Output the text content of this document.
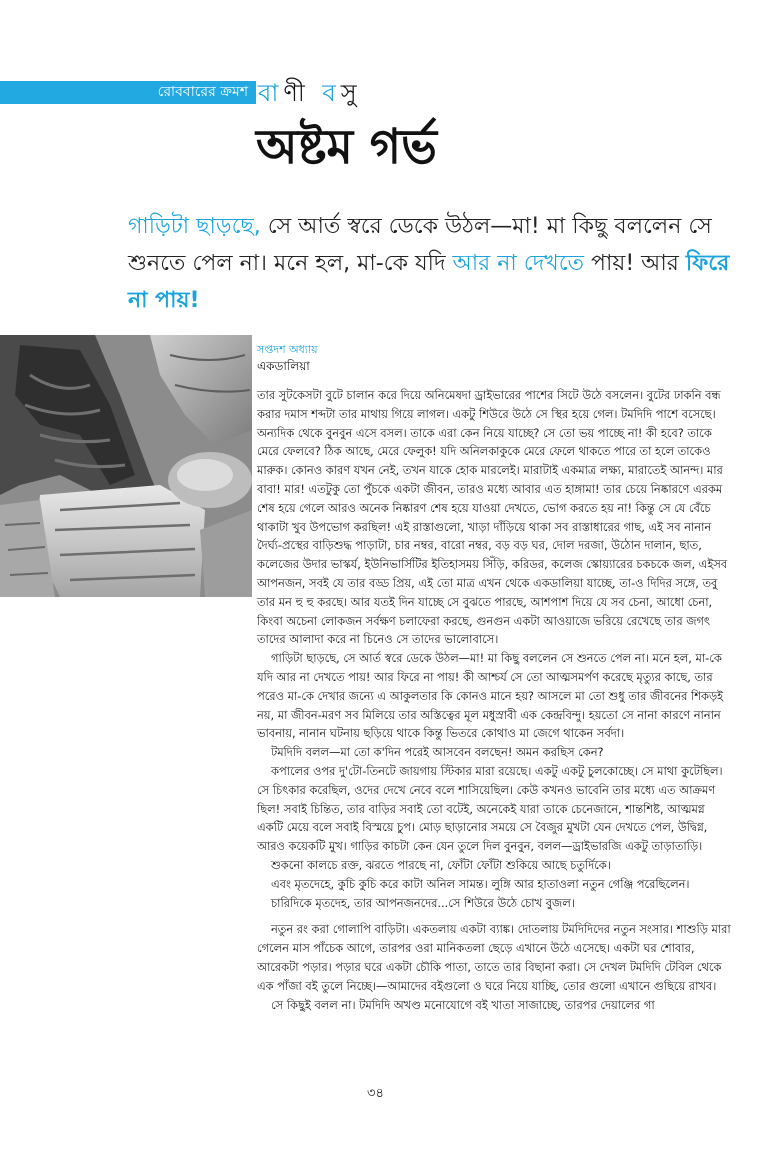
রোববারের ক্রমশ বাণী বসু
অষ্টম গর্ভ
গাড়িটা ছাড়ছে, সে আর্ত স্বরে ডেকে উঠল—মা! মা কিছু বললেন সে শুনতে পেল না। মনে হল, মা-কে যদি আর না দেখতে পায়! আর ফিরে না পায়!
সপ্তদশ অধ্যায়
একডালিয়া

তার সুটকেসটা বুটে চালান করে দিয়ে অনিমেষদা ড্রাইভারের পাশের সিটে উঠে বসলেন। বুটের ঢাকনি বন্ধ করার দমাস শব্দটা তার মাথায় গিয়ে লাগল। একটু শিউরে উঠে সে স্থির হয়ে গেল। টমদিদি পাশে বসেছে। অন্যদিক থেকে বুনবুন এসে বসল। তাকে এরা কেন নিয়ে যাচ্ছে? সে তো ভয় পাচ্ছে না! কী হবে? তাকে মেরে ফেলবে? ঠিক আছে, মেরে ফেলুক! যদি অনিলকাকুকে মেরে ফেলে থাকতে পারে তা হলে তাকেও মারুক। কোনও কারণ যখন নেই, তখন যাকে হোক মারলেই। মারাটাই একমাত্র লক্ষ্য, মারাতেই আনন্দ। মার বাবা! মার! এতটুকু তো পুঁচকে একটা জীবন, তারও মধ্যে আবার এত হাঙ্গামা! তার চেয়ে নিষ্কারণে এরকম শেষ হয়ে গেলে আরও অনেক নিষ্কারণ শেষ হয়ে যাওয়া দেখতে, ভোগ করতে হয় না! কিন্তু সে যে বেঁচে থাকাটা খুব উপভোগ করছিল! এই রাস্তাগুলো, খাড়া দাঁড়িয়ে থাকা সব রাস্তাধারের গাছ, এই সব নানান দৈর্ঘ্য-প্রস্থের বাড়িশুদ্ধ পাড়াটা, চার নম্বর, বারো নম্বর, বড় বড় ঘর, দোল দরজা, উঠোন দালান, ছাত, কলেজের উদার ভাস্কর্য, ইউনিভার্সিটির ইতিহাসময় সিঁড়ি, করিডর, কলেজ স্কোয়্যারের চকচকে জল, এইসব আপনজন, সবই যে তার বড্ড প্রিয়, এই তো মাত্র এখন থেকে একডালিয়া যাচ্ছে, তা-ও দিদির সঙ্গে, তবু তার মন হু হু করছে। আর যতই দিন যাচ্ছে সে বুঝতে পারছে, আশপাশ দিয়ে যে সব চেনা, আধো চেনা, কিংবা অচেনা লোকজন সর্বক্ষণ চলাফেরা করছে, গুনগুন একটা আওয়াজে ভরিয়ে রেখেছে তার জগৎ তাদের আলাদা করে না চিনেও সে তাদের ভালোবাসে।

গাড়িটা ছাড়ছে, সে আর্ত স্বরে ডেকে উঠল—মা! মা কিছু বললেন সে শুনতে পেল না। মনে হল, মা-কে যদি আর না দেখতে পায়! আর ফিরে না পায়! কী আশ্চর্য সে তো আত্মসমর্পণ করেছে মৃত্যুর কাছে, তার পরেও মা-কে দেখার জন্যে এ আকুলতার কি কোনও মানে হয়? আসলে মা তো শুধু তার জীবনের শিকড়ই নয়, মা জীবন-মরণ সব মিলিয়ে তার অস্তিত্বের মূল মধুস্রাবী এক কেন্দ্রবিন্দু। হয়তো সে নানা কারণে নানান ভাবনায়, নানান ঘটনায় ছড়িয়ে থাকে কিন্তু ভিতরে কোথাও মা জেগে থাকেন সর্বদা।

টমদিদি বলল—মা তো ক'দিন পরেই আসবেন বলছেন! অমন করছিস কেন?

কপালের ওপর দু'টো-তিনটে জায়গায় স্টিকার মারা রয়েছে। একটু একটু চুলকোচ্ছে। সে মাথা কুটেছিল। সে চিৎকার করেছিল, ওদের দেখে নেবে বলে শাসিয়েছিল। কেউ কখনও ভাবেনি তার মধ্যে এত আক্রমণ ছিল! সবাই চিন্তিত, তার বাড়ির সবাই তো বটেই, অনেকেই যারা তাকে চেনেজানে, শান্তশিষ্ট, আত্মমগ্ন একটি মেয়ে বলে সবাই বিস্ময়ে চুপ। মোড় ছাড়ানোর সময়ে সে বৈজুর মুখটা যেন দেখতে পেল, উদ্বিগ্ন, আরও কয়েকটি মুখ। গাড়ির কাচটা কেন যেন তুলে দিল বুনবুন, বলল—ড্রাইভারজি একটু তাড়াতাড়ি।

শুকনো কালচে রক্ত, ঝরতে পারছে না, ফোঁটা ফোঁটা শুকিয়ে আছে চতুর্দিকে।

এবং মৃতদেহে, কুচি কুচি করে কাটা অনিল সামন্ত। লুঙ্গি আর হাতাওলা নতুন গেঞ্জি পরেছিলেন।

চারিদিকে মৃতদেহ, তার আপনজনদের...সে শিউরে উঠে চোখ বুজল।

নতুন রং করা গোলাপি বাড়িটা। একতলায় একটা ব্যাঙ্ক। দোতলায় টমদিদিদের নতুন সংসার। শাশুড়ি মারা গেলেন মাস পাঁচেক আগে, তারপর ওরা মানিকতলা ছেড়ে এখানে উঠে এসেছে। একটা ঘর শোবার, আরেকটা পড়ার। পড়ার ঘরে একটা চৌকি পাতা, তাতে তার বিছানা করা। সে দেখল টমদিদি টেবিল থেকে এক পাঁজা বই তুলে নিচ্ছে।—আমাদের বইগুলো ও ঘরে নিয়ে যাচ্ছি, তোর গুলো এখানে গুছিয়ে রাখব।

সে কিছুই বলল না। টমদিদি অখণ্ড মনোযোগে বই খাতা সাজাচ্ছে, তারপর দেয়ালের গা

৩৪
